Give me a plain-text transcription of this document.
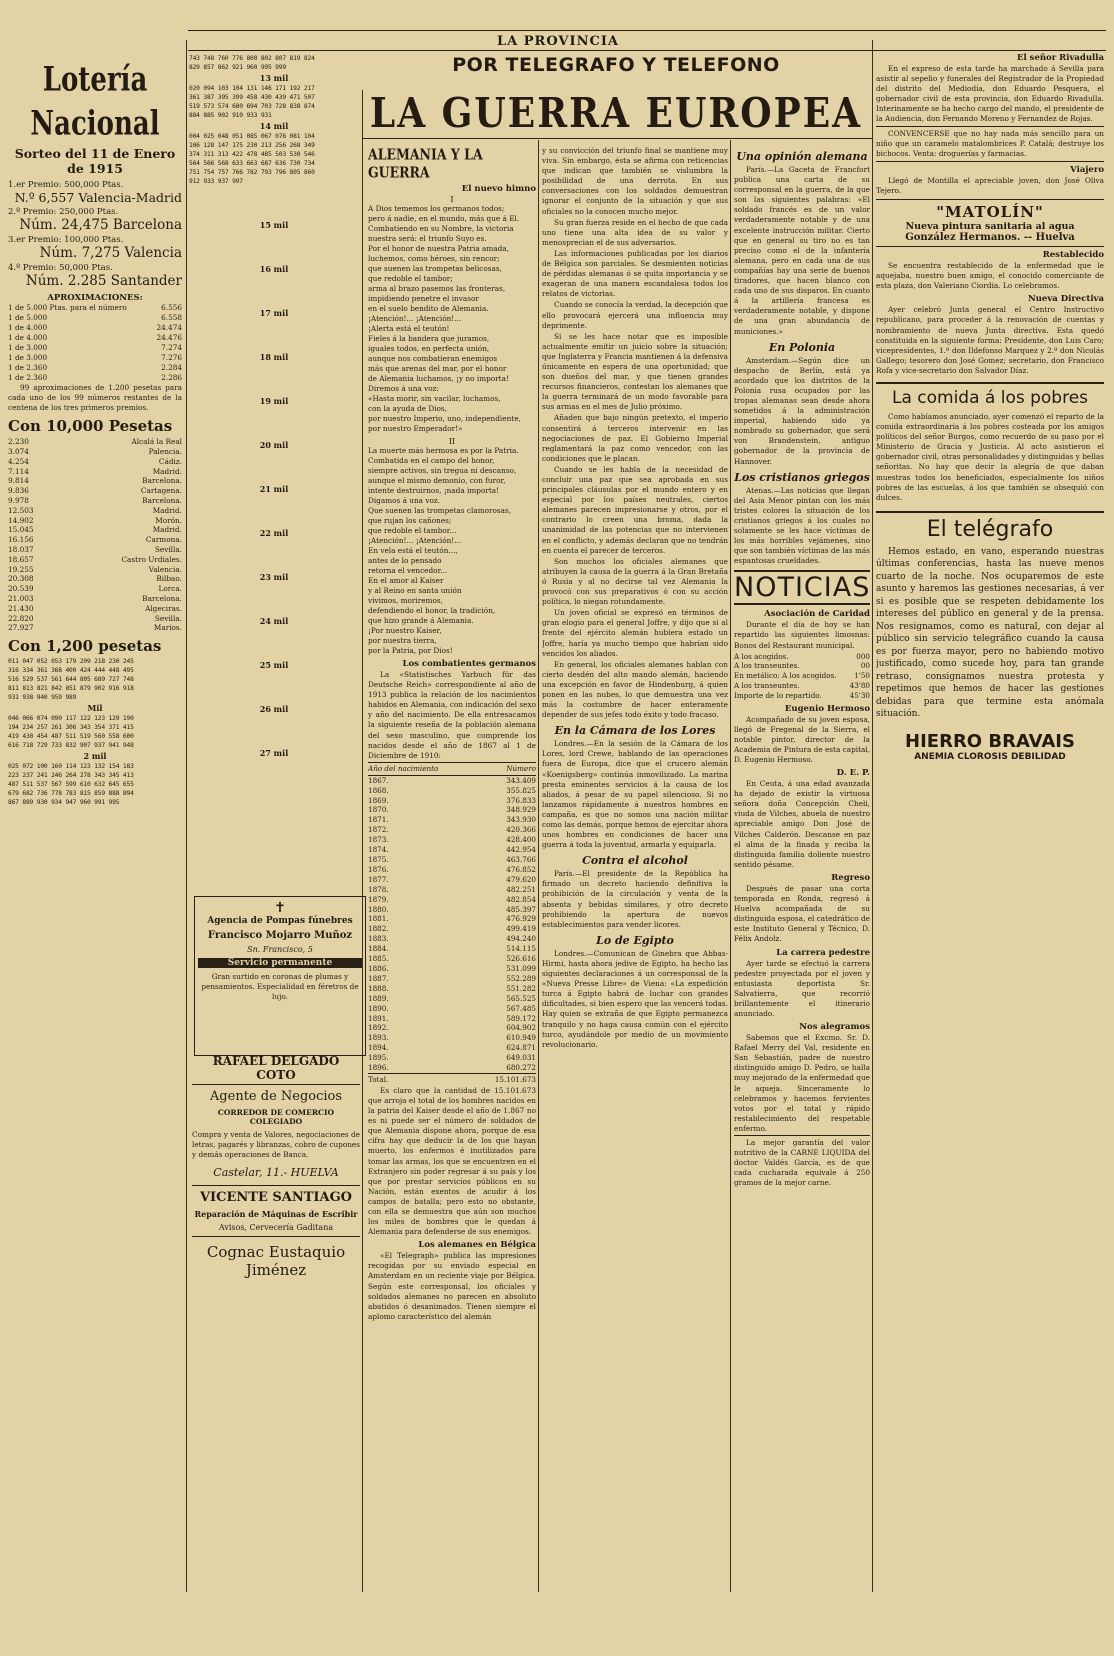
LA PROVINCIA
POR TELEGRAFO Y TELEFONO
LA GUERRA EUROPEA
Lotería Nacional
Sorteo del 11 de Enero de 1915
1.er Premio: 500,000 Ptas.
N.º 6,557 Valencia-Madrid
2.º Premio: 250,000 Ptas.
Núm. 24,475 Barcelona
3.er Premio: 100,000 Ptas.
Núm. 7,275 Valencia
4.º Premio: 50,000 Ptas.
Núm. 2.285 Santander
APROXIMACIONES:
1 de 5.000 Ptas. para el número	6.556
1 de 5.000	6.558
1 de 4.000	24.474
1 de 4.000	24.476
1 de 3.000	7.274
1 de 3.000	7.276
1 de 2.360	2.284
1 de 2.360	2.286

99 aproximaciones de 1.200 pesetas para cada uno de los 99 números restantes de la centena de los tres primeros premios.

Con 10,000 Pesetas
2.230	Alcalá la Real
3.074	Palencia.
4.254	Cádiz.
7.114	Madrid.
9.814	Barcelona.
9.836	Cartagena.
9.978	Barcelona.
12.503	Madrid.
14.902	Morón.
15.045	Madrid.
16.156	Carmona.
18.037	Sevilla.
18.657	Castro Urdiales.
19.255	Valencia.
20.308	Bilbao.
20.539	Lorca.
21.003	Barcelona.
21.430	Algeciras.
22.820	Sevilla.
27.927	Marios.
Con 1,200 pesetas
011 047 052 053 179 209 218 230 245
316 334 361 368 400 424 444 448 495
516 529 537 561 644 805 689 727 748
811 813 821 842 851 879 902 916 918
931 938 940 959 989
Mil
046 066 074 090 117 122 123 129 190
194 234 257 261 306 343 354 371 415
419 430 454 487 511 519 560 558 600
616 718 729 733 832 907 937 941 948
2 mil
025 072 100 160 114 123 132 154 183
223 237 241 246 264 278 343 345 413
487 511 537 567 599 610 632 645 655
679 682 736 778 783 815 859 888 894
867 889 930 934 947 960 991 995
743 748 760 776 800 802 807 819 824
829 857 862 921 960 995 999
13 mil
020 094 103 104 131 146 171 192 217
361 387 395 399 458 430 439 471 507
519 573 574 680 694 703 728 838 874
884 885 902 910 933 931
14 mil
004 025 048 051 085 067 076 081 104
106 128 147 175 230 213 256 268 349
374 311 313 422 478 485 503 530 546
564 566 568 633 663 687 636 730 734
751 754 757 766 782 793 796 805 860
912 933 937 997
15 mil
16 mil
17 mil
18 mil
19 mil
20 mil
21 mil
22 mil
23 mil
24 mil
25 mil
26 mil
27 mil
✝
Agencia de Pompas fúnebres
Francisco Mojarro Muñoz
Sn. Francisco, 5
Servicio permanente

Gran surtido en coronas de plumas y pensamientos. Especialidad en féretros de lujo.

RAFAEL DELGADO COTO
Agente de Negocios
CORREDOR DE COMERCIO COLEGIADO

Compra y venta de Valores, negociaciones de letras, pagarés y libranzas, cobro de cupones y demás operaciones de Banca.

Castelar, 11.- HUELVA
VICENTE SANTIAGO
Reparación de Máquinas de Escribir
Avisos, Cervecería Gaditana
Cognac Eustaquio Jiménez
ALEMANIA Y LA GUERRA
El nuevo himno
I
A Dios tememos los germanos todos;
pero á nadie, en el mundo, más que á El.
Combatiendo en su Nombre, la victoria
nuestra será: el triunfo Suyo es.
Por el honor de nuestra Patria amada,
luchemos, como héroes, sin rencor;
que suenen las trompetas belicosas,
que redoble el tambor;
arma al brazo pasemos las fronteras,
impidiendo penetre el invasor
en el suelo bendito de Alemania.
¡Atención!... ¡Atención!...
¡Alerta está el teutón!
Fieles á la bandera que juramos,
iguales todos, en perfecta unión,
aunque nos combatieran enemigos
más que arenas del mar, por el honor
de Alemania luchamos, ¡y no importa!
Diremos á una voz:
«Hasta morir, sin vacilar, luchamos,
con la ayuda de Dios,
por nuestro Imperio, uno, independiente,
por nuestro Emperador!»
II
La muerte más hermosa es por la Patria.
Combatida en el campo del honor,
siempre activos, sin tregua ni descanso,
aunque el mismo demonio, con furor,
intente destruirnos, ¡nada importa!
Digamos á una voz.
Que suenen las trompetas clamorosas,
que rujan los cañones;
que redoble el tambor...
¡Atención!... ¡Atención!...
En vela está el teutón...,
antes de lo pensado
retorna el vencedor...
En el amor al Kaiser
y al Reino en santa unión
vivimos, moriremos,
defendiendo el honor, la tradición,
que hizo grande á Alemania.
¡Por nuestro Kaiser,
por nuestra tierra,
por la Patria, por Dios!
Los combatientes germanos

La «Statistisches Yarbuch für das Deutsche Reich» correspondiente al año de 1913 publica la relación de los nacimientos habidos en Alemania, con indicación del sexo y año del nacimiento. De ella entresacamos la siguiente reseña de la población alemana del sexo masculino, que comprende los nacidos desde el año de 1867 al 1 de Diciembre de 1910:

Año del nacimiento	Número
1867.	343.409
1868.	355.825
1869.	376.833
1870.	348.929
1871.	343.930
1872.	420.366
1873.	428.400
1874.	442.954
1875.	463.766
1876.	476.852
1877.	479.620
1878.	482.251
1879.	482.854
1880.	485.397
1881.	476.929
1882.	499.419
1883.	494.240
1884.	514.115
1885.	526.616
1886.	531.099
1887.	552.289
1888.	551.282
1889.	565.525
1890.	567.485
1891.	589.172
1892.	604.902
1893.	610.949
1894.	624.871
1895.	649.031
1896.	680.272
Total.	15.101.673

Es claro que la cantidad de 15.101.673 que arroja el total de los hombres nacidos en la patria del Kaiser desde el año de 1.867 no es ni puede ser el número de soldados de que Alemania dispone ahora, porque de esa cifra hay que deducir la de los que hayan muerto, los enfermos é inutilizados para tomar las armas, los que se encuentren en el Extranjero sin poder regresar á su país y los que por prestar servicios públicos en su Nación, están exentos de acudir á los campos de batalla; pero esto no obstante, con ella se demuestra que aún son muchos los miles de hombres que le quedan á Alemania para defenderse de sus enemigos.

Los alemanes en Bélgica

«El Telegraph» publica las impresiones recogidas por su enviado especial en Amsterdam en un reciente viaje por Bélgica. Según este corresponsal, los oficiales y soldados alemanes no parecen en absoluto abatidos ó desanimados. Tienen siempre el aplomo característico del alemán

y su convicción del triunfo final se mantiene muy viva. Sin embargo, ésta se afirma con reticencias que indican que también se vislumbra la posibilidad de una derrota. En sus conversaciones con los soldados demuestran ignorar el conjunto de la situación y que sus oficiales no la conocen mucho mejor.

Su gran fuerza reside en el hecho de que cada uno tiene una alta idea de su valor y menosprecian el de sus adversarios.

Las informaciones publicadas por los diarios de Bélgica son parciales. Se desmienten noticias de pérdidas alemanas ó se quita importancia y se exageran de una manera escandalosa todos los relatos de victorias.

Cuando se conocía la verdad, la decepción que ello provocará ejercerá una influencia muy deprimente.

Si se les hace notar que es imposible actualmente emitir un juicio sobre la situación; que Inglaterra y Francia mantienen á la defensiva únicamente en espera de una oportunidad; que son dueños del mar, y que tienen grandes recursos financieros, contestan los alemanes que la guerra terminará de un modo favorable para sus armas en el mes de Julio próximo.

Añaden que bajo ningún pretexto, el imperio consentirá á terceros intervenir en las negociaciones de paz. El Gobierno Imperial reglamentará la paz como vencedor, con las condiciones que le placan.

Cuando se les habla de la necesidad de concluir una paz que sea aprobada en sus principales cláusulas por el mundo entero y en especial por los países neutrales, ciertos alemanes parecen impresionarse y otros, por el contrario lo creen una broma, dada la unanimidad de las potencias que no intervienen en el conflicto, y además declaran que no tendrán en cuenta el parecer de terceros.

Son muchos los oficiales alemanes que atribuyen la causa de la guerra á la Gran Bretaña ó Rusia y al no decirse tal vez Alemania la provocó con sus preparativos ó con su acción política, lo niegan rotundamente.

Un joven oficial se expresó en términos de gran elogio para el general Joffre, y dijo que si al frente del ejército alemán hubiera estado un Joffre, haría ya mucho tiempo que habrían sido vencidos los aliados.

En general, los oficiales alemanes hablan con cierto desdén del alto mando alemán, haciendo una excepción en favor de Hindenburg, á quien ponen en las nubes, lo que demuestra una vez más la costumbre de hacer enteramente depender de sus jefes todo éxito y todo fracaso.

En la Cámara de los Lores

Londres.—En la sesión de la Cámara de los Lores, lord Crewe, hablando de las operaciones fuera de Europa, dice que el crucero alemán «Koenigsberg» continúa inmovilizado. La marina presta eminentes servicios á la causa de los aliados, á pesar de su papel silencioso. Si no lanzamos rápidamente á nuestros hombres en campaña, es que no somos una nación militar como las demás, porque hemos de ejercitar ahora unos hombres en condiciones de hacer una guerra á toda la juventud, armarla y equiparla.

Contra el alcohol

París.—El presidente de la República ha firmado un decreto haciendo definitiva la prohibición de la circulación y venta de la absenta y bebidas similares, y otro decreto prohibiendo la apertura de nuevos establecimientos para vender licores.

Lo de Egipto

Londres.—Comunican de Ginebra que Abbas-Hirmi, hasta ahora jedive de Egipto, ha hecho las siguientes declaraciones á un corresponsal de la «Nueva Presse Libre» de Viena: «La expedición turca á Egipto habrá de luchar con grandes dificultades, si bien espero que las vencerá todas. Hay quien se extraña de que Egipto permanezca tranquilo y no haga causa común con el ejército turco, ayudándole por medio de un movimiento revolucionario.

Una opinión alemana

París.—La Gaceta de Francfort publica una carta de su corresponsal en la guerra, de la que son las siguientes palabras: «El soldado francés es de un valor verdaderamente notable y de una excelente instrucción militar. Cierto que en general su tiro no es tan preciso como el de la infantería alemana, pero en cada una de sus compañías hay una serie de buenos tiradores, que hacen blanco con cada uno de sus disparos. En cuanto á la artillería francesa es verdaderamente notable, y dispone de una gran abundancia de municiones.»

En Polonia

Amsterdam.—Según dice un despacho de Berlín, está ya acordado que los distritos de la Polonia rusa ocupados por las tropas alemanas sean desde ahora sometidos á la administración imperial, habiendo sido ya nombrado su gobernador, que será von Brandenstein, antiguo gobernador de la provincia de Hannover.

Los cristianos griegos

Atenas.—Las noticias que llegan del Asia Menor pintan con los más tristes colores la situación de los cristianos griegos á los cuales no solamente se les hace víctimas de los más horribles vejámenes, sino que son también víctimas de las más espantosas crueldades.

NOTICIAS
Asociación de Caridad

Durante el día de hoy se han repartido las siguientes limosnas: Bonos del Restaurant municipal.

A los acogidos.	000
A los transeuntes.	00
En metálico: A los acogidos. 1'50
A los transeuntes.	43'80
Importe de lo repartido.	45'30
Eugenio Hermoso

Acompañado de su joven esposa, llegó de Fregenal de la Sierra, el notable pintor, director de la Academia de Pintura de esta capital, D. Eugenio Hermoso.

D. E. P.

En Ceuta, á una edad avanzada ha dejado de existir la virtuosa señora doña Concepción Cheli, viuda de Vilches, abuela de nuestro apreciable amigo Don José de Vilches Calderón. Descanse en paz el alma de la finada y reciba la distinguida familia doliente nuestro sentido pésame.

Regreso

Después de pasar una corta temporada en Ronda, regresó á Huelva acompañada de su distinguida esposa, el catedrático de este Instituto General y Técnico, D. Félix Andolz.

La carrera pedestre

Ayer tarde se efectuó la carrera pedestre proyectada por el joven y entusiasta deportista Sr. Salvatierra, que recorrió brillantemente el itinerario anunciado.

Nos alegramos

Sabemos que el Excmo. Sr. D. Rafael Merry del Val, residente en San Sebastián, padre de nuestro distinguido amigo D. Pedro, se halla muy mejorado de la enfermedad que le aqueja. Sinceramente lo celebramos y hacemos fervientes votos por el total y rápido restablecimiento del respetable enfermo.

La mejor garantía del valor nutritivo de la CARNE LIQUIDA del doctor Valdés García, es de que cada cucharada equivale á 250 gramos de la mejor carne.

El señor Rivadulla

En el expreso de esta tarde ha marchado á Sevilla para asistir al sepelio y funerales del Registrador de la Propiedad del distrito del Mediodía, don Eduardo Pesquera, el gobernador civil de esta provincia, don Eduardo Rivadulla. Interinamente se ha hecho cargo del mando, el presidente de la Audiencia, don Fernando Moreno y Fernandez de Rojas.

CONVENCERSE que no hay nada más sencillo para un niño que un caramelo matalombrices P. Catalá; destruye los bichocos. Venta: droguerías y farmacias.

Viajero

Llegó de Montilla el apreciable joven, don José Oliva Tejero.

"MATOLÍN"
Nueva pintura sanitaria al agua
González Hermanos. -- Huelva
Restablecido

Se encuentra restablecido de la enfermedad que le aquejaba, nuestro buen amigo, el conocido comerciante de esta plaza, don Valeriano Ciordia. Lo celebramos.

Nueva Directiva

Ayer celebró Junta general el Centro Instructivo republicano, para proceder á la renovación de cuentas y nombramiento de nueva Junta directiva. Esta quedó constituida en la siguiente forma: Presidente, don Luis Caro; vicepresidentes, 1.º don Ildefonso Marquez y 2.º don Nicolás Gallego; tesorero don José Gomez; secretario, don Francisco Rofa y vice-secretario don Salvador Díaz.

La comida á los pobres

Como habíamos anunciado, ayer comenzó el reparto de la comida extraordinaria á los pobres costeada por los amigos políticos del señor Burgos, como recuerdo de su paso por el Ministerio de Gracia y Justicia. Al acto asistieron el gobernador civil, otras personalidades y distinguidas y bellas señoritas. No hay que decir la alegría de que daban muestras todos los beneficiados, especialmente los niños pobres de las escuelas, á los que también se obsequió con dulces.

El telégrafo

Hemos estado, en vano, esperando nuestras últimas conferencias, hasta las nueve menos cuarto de la noche. Nos ocuparemos de este asunto y haremos las gestiones necesarias, á ver si es posible que se respeten debidamente los intereses del público en general y de la prensa. Nos resignamos, como es natural, con dejar al público sin servicio telegráfico cuando la causa es por fuerza mayor, pero no habiendo motivo justificado, como sucede hoy, para tan grande retraso, consignamos nuestra protesta y repetimos que hemos de hacer las gestiones debidas para que termine esta anómala situación.

HIERRO BRAVAIS
ANEMIA CLOROSIS DEBILIDAD
